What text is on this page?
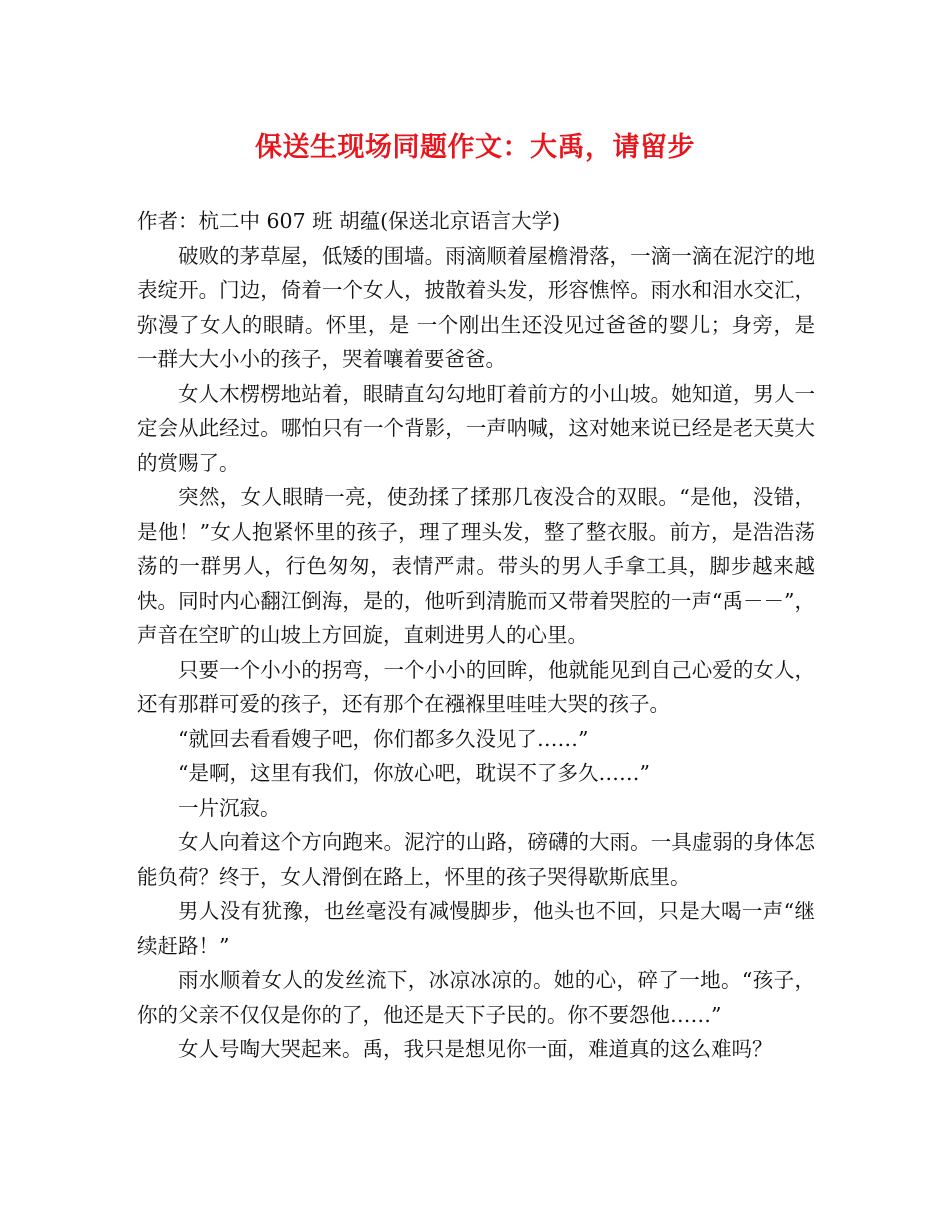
保送生现场同题作文：大禹，请留步

作者：杭二中 607 班 胡蕴(保送北京语言大学)

破败的茅草屋，低矮的围墙。雨滴顺着屋檐滑落，一滴一滴在泥泞的地表绽开。门边，倚着一个女人，披散着头发，形容憔悴。雨水和泪水交汇，弥漫了女人的眼睛。怀里，是 一个刚出生还没见过爸爸的婴儿；身旁，是一群大大小小的孩子，哭着嚷着要爸爸。

女人木楞楞地站着，眼睛直勾勾地盯着前方的小山坡。她知道，男人一定会从此经过。哪怕只有一个背影，一声呐喊，这对她来说已经是老天莫大的赏赐了。

突然，女人眼睛一亮，使劲揉了揉那几夜没合的双眼。“是他，没错，是他！”女人抱紧怀里的孩子，理了理头发，整了整衣服。前方，是浩浩荡荡的一群男人，行色匆匆，表情严肃。带头的男人手拿工具，脚步越来越快。同时内心翻江倒海，是的，他听到清脆而又带着哭腔的一声“禹－－”，声音在空旷的山坡上方回旋，直刺进男人的心里。

只要一个小小的拐弯，一个小小的回眸，他就能见到自己心爱的女人，还有那群可爱的孩子，还有那个在襁褓里哇哇大哭的孩子。

“就回去看看嫂子吧，你们都多久没见了……”

“是啊，这里有我们，你放心吧，耽误不了多久……”

一片沉寂。

女人向着这个方向跑来。泥泞的山路，磅礴的大雨。一具虚弱的身体怎能负荷？终于，女人滑倒在路上，怀里的孩子哭得歇斯底里。

男人没有犹豫，也丝毫没有减慢脚步，他头也不回，只是大喝一声“继续赶路！”

雨水顺着女人的发丝流下，冰凉冰凉的。她的心，碎了一地。“孩子，你的父亲不仅仅是你的了，他还是天下子民的。你不要怨他……”

女人号啕大哭起来。禹，我只是想见你一面，难道真的这么难吗？
